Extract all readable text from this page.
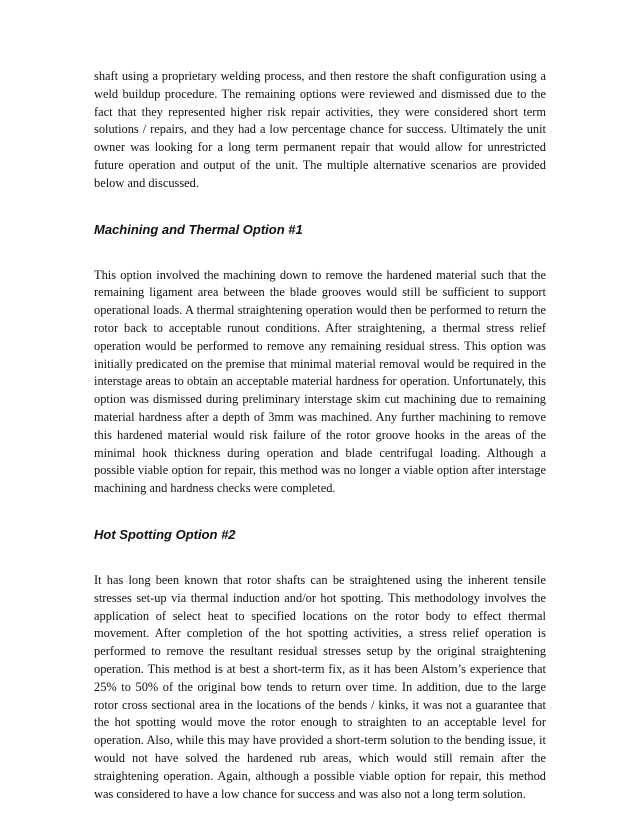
shaft using a proprietary welding process, and then restore the shaft configuration using a weld buildup procedure. The remaining options were reviewed and dismissed due to the fact that they represented higher risk repair activities, they were considered short term solutions / repairs, and they had a low percentage chance for success. Ultimately the unit owner was looking for a long term permanent repair that would allow for unrestricted future operation and output of the unit. The multiple alternative scenarios are provided below and discussed.

Machining and Thermal Option #1

This option involved the machining down to remove the hardened material such that the remaining ligament area between the blade grooves would still be sufficient to support operational loads. A thermal straightening operation would then be performed to return the rotor back to acceptable runout conditions. After straightening, a thermal stress relief operation would be performed to remove any remaining residual stress. This option was initially predicated on the premise that minimal material removal would be required in the interstage areas to obtain an acceptable material hardness for operation. Unfortunately, this option was dismissed during preliminary interstage skim cut machining due to remaining material hardness after a depth of 3mm was machined. Any further machining to remove this hardened material would risk failure of the rotor groove hooks in the areas of the minimal hook thickness during operation and blade centrifugal loading. Although a possible viable option for repair, this method was no longer a viable option after interstage machining and hardness checks were completed.

Hot Spotting Option #2

It has long been known that rotor shafts can be straightened using the inherent tensile stresses set-up via thermal induction and/or hot spotting. This methodology involves the application of select heat to specified locations on the rotor body to effect thermal movement. After completion of the hot spotting activities, a stress relief operation is performed to remove the resultant residual stresses setup by the original straightening operation. This method is at best a short-term fix, as it has been Alstom’s experience that 25% to 50% of the original bow tends to return over time. In addition, due to the large rotor cross sectional area in the locations of the bends / kinks, it was not a guarantee that the hot spotting would move the rotor enough to straighten to an acceptable level for operation. Also, while this may have provided a short-term solution to the bending issue, it would not have solved the hardened rub areas, which would still remain after the straightening operation. Again, although a possible viable option for repair, this method was considered to have a low chance for success and was also not a long term solution.
